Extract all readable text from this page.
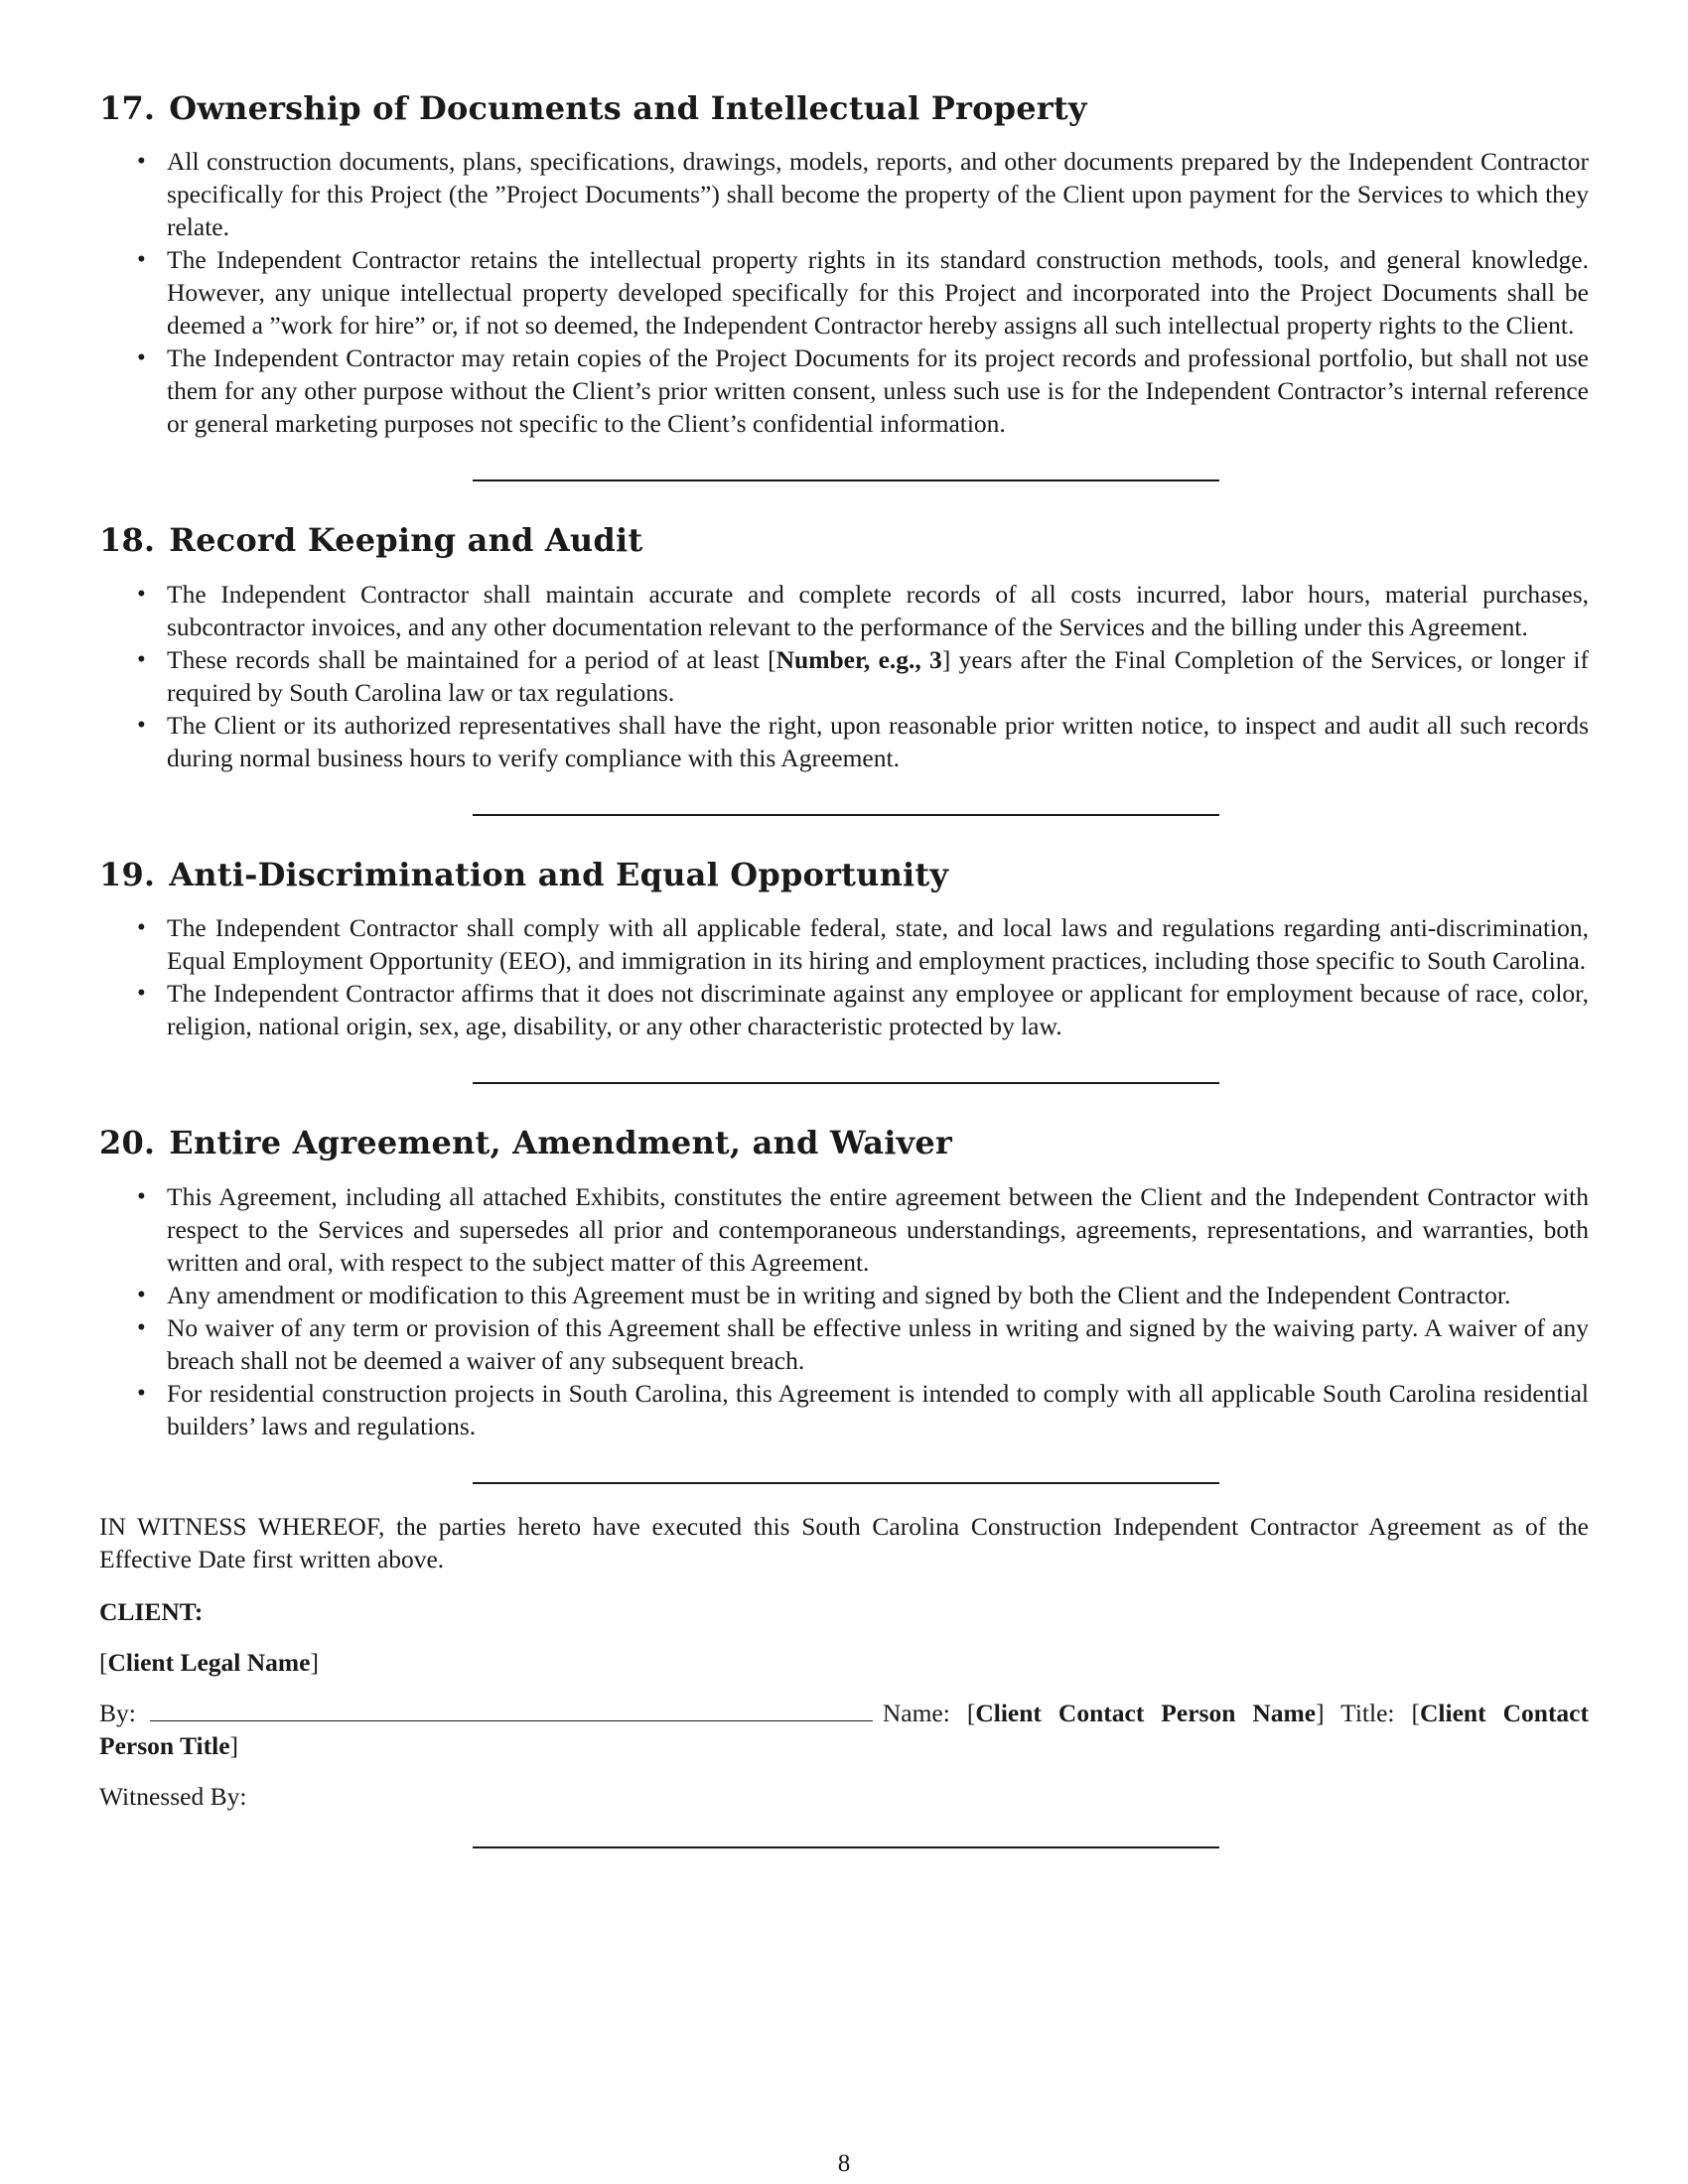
17. Ownership of Documents and Intellectual Property
• All construction documents, plans, specifications, drawings, models, reports, and other documents prepared by the Independent Contractor specifically for this Project (the ”Project Documents”) shall become the property of the Client upon payment for the Services to which they relate.
• The Independent Contractor retains the intellectual property rights in its standard construction methods, tools, and general knowledge. However, any unique intellectual property developed specifically for this Project and incorporated into the Project Documents shall be deemed a ”work for hire” or, if not so deemed, the Independent Contractor hereby assigns all such intellectual property rights to the Client.
• The Independent Contractor may retain copies of the Project Documents for its project records and professional portfolio, but shall not use them for any other purpose without the Client’s prior written consent, unless such use is for the Independent Contractor’s internal reference or general marketing purposes not specific to the Client’s confidential information.
18. Record Keeping and Audit
• The Independent Contractor shall maintain accurate and complete records of all costs incurred, labor hours, material purchases, subcontractor invoices, and any other documentation relevant to the performance of the Services and the billing under this Agreement.
• These records shall be maintained for a period of at least [Number, e.g., 3] years after the Final Completion of the Services, or longer if required by South Carolina law or tax regulations.
• The Client or its authorized representatives shall have the right, upon reasonable prior written notice, to inspect and audit all such records during normal business hours to verify compliance with this Agreement.
19. Anti-Discrimination and Equal Opportunity
• The Independent Contractor shall comply with all applicable federal, state, and local laws and regulations regarding anti-discrimination, Equal Employment Opportunity (EEO), and immigration in its hiring and employment practices, including those specific to South Carolina.
• The Independent Contractor affirms that it does not discriminate against any employee or applicant for employment because of race, color, religion, national origin, sex, age, disability, or any other characteristic protected by law.
20. Entire Agreement, Amendment, and Waiver
• This Agreement, including all attached Exhibits, constitutes the entire agreement between the Client and the Independent Contractor with respect to the Services and supersedes all prior and contemporaneous understandings, agreements, representations, and warranties, both written and oral, with respect to the subject matter of this Agreement.
• Any amendment or modification to this Agreement must be in writing and signed by both the Client and the Independent Contractor.
• No waiver of any term or provision of this Agreement shall be effective unless in writing and signed by the waiving party. A waiver of any breach shall not be deemed a waiver of any subsequent breach.
• For residential construction projects in South Carolina, this Agreement is intended to comply with all applicable South Carolina residential builders’ laws and regulations.

IN WITNESS WHEREOF, the parties hereto have executed this South Carolina Construction Independent Contractor Agreement as of the Effective Date first written above.

CLIENT:

[Client Legal Name]

By:	Name: [Client Contact Person Name] Title: [Client Contact Person Title]

Witnessed By:

8
